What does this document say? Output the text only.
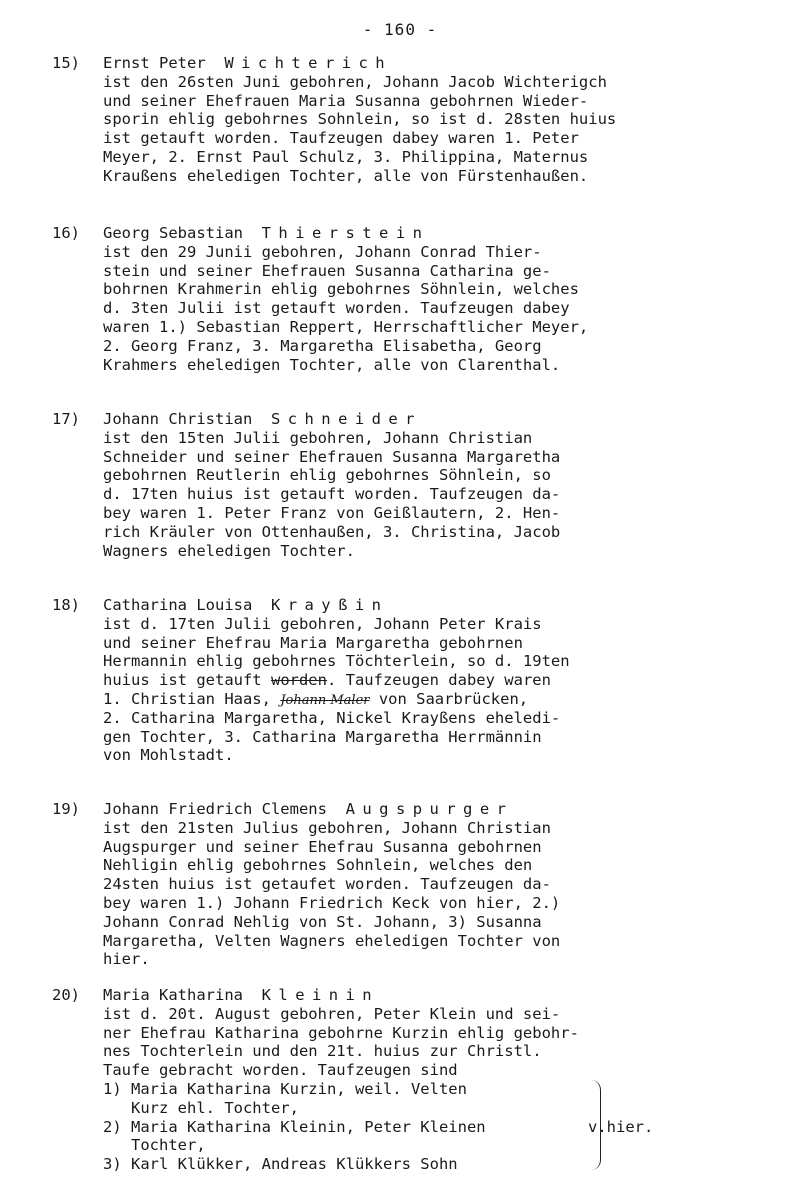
- 160 -
15) Ernst Peter Wichterich
ist den 26sten Juni gebohren, Johann Jacob Wichterigch
und seiner Ehefrauen Maria Susanna gebohrnen Wieder-
sporin ehlig gebohrnes Sohnlein, so ist d. 28sten huius
ist getauft worden. Taufzeugen dabey waren 1. Peter
Meyer, 2. Ernst Paul Schulz, 3. Philippina, Maternus
Kraußens eheledigen Tochter, alle von Fürstenhaußen.
16) Georg Sebastian Thierstein
ist den 29 Junii gebohren, Johann Conrad Thier-
stein und seiner Ehefrauen Susanna Catharina ge-
bohrnen Krahmerin ehlig gebohrnes Söhnlein, welches
d. 3ten Julii ist getauft worden. Taufzeugen dabey
waren 1.) Sebastian Reppert, Herrschaftlicher Meyer,
2. Georg Franz, 3. Margaretha Elisabetha, Georg
Krahmers eheledigen Tochter, alle von Clarenthal.
17) Johann Christian Schneider
ist den 15ten Julii gebohren, Johann Christian
Schneider und seiner Ehefrauen Susanna Margaretha
gebohrnen Reutlerin ehlig gebohrnes Söhnlein, so
d. 17ten huius ist getauft worden. Taufzeugen da-
bey waren 1. Peter Franz von Geißlautern, 2. Hen-
rich Kräuler von Ottenhaußen, 3. Christina, Jacob
Wagners eheledigen Tochter.
18) Catharina Louisa Krayßin
ist d. 17ten Julii gebohren, Johann Peter Krais
und seiner Ehefrau Maria Margaretha gebohrnen
Hermannin ehlig gebohrnes Töchterlein, so d. 19ten
huius ist getauft worden. Taufzeugen dabey waren
1. Christian Haas, Johann Maler von Saarbrücken,
2. Catharina Margaretha, Nickel Krayßens eheledi-
gen Tochter, 3. Catharina Margaretha Herrmännin
von Mohlstadt.
19) Johann Friedrich Clemens Augspurger
ist den 21sten Julius gebohren, Johann Christian
Augspurger und seiner Ehefrau Susanna gebohrnen
Nehligin ehlig gebohrnes Sohnlein, welches den
24sten huius ist getaufet worden. Taufzeugen da-
bey waren 1.) Johann Friedrich Keck von hier, 2.)
Johann Conrad Nehlig von St. Johann, 3) Susanna
Margaretha, Velten Wagners eheledigen Tochter von
hier.
20) Maria Katharina Kleinin
ist d. 20t. August gebohren, Peter Klein und sei-
ner Ehefrau Katharina gebohrne Kurzin ehlig gebohr-
nes Tochterlein und den 21t. huius zur Christl.
Taufe gebracht worden. Taufzeugen sind
1) Maria Katharina Kurzin, weil. Velten
Kurz ehl. Tochter,
2) Maria Katharina Kleinin, Peter Kleinen
Tochter,
3) Karl Klükker, Andreas Klükkers Sohn
v.hier.
